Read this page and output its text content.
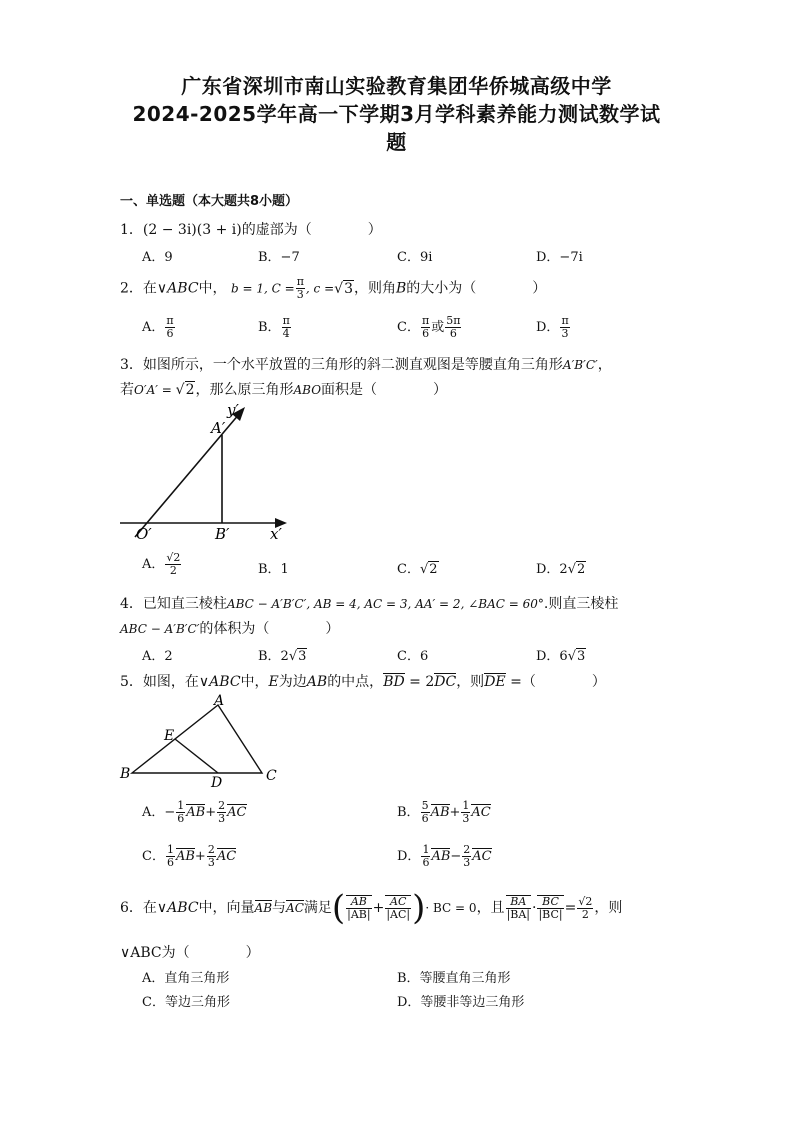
广东省深圳市南山实验教育集团华侨城高级中学
2024-2025学年高一下学期3月学科素养能力测试数学试
题
一、单选题（本大题共8小题）
1．(2 − 3i)(3 + i)的虚部为（　　　　）
A．9	B．−7	C．9i	D．−7i
2．在∨ABC中， b = 1, $C = \frac{\pi}{3}$ , c =√3，则角B的大小为（　　　　）
A． $\frac{\pi}{6}$	B． $\frac{\pi}{4}$	C． $\frac{\pi}{6}$ 或 $\frac{5\pi}{6}$	D． $\frac{\pi}{3}$
3．如图所示，一个水平放置的三角形的斜二测直观图是等腰直角三角形A′B′C′，
若O′A′ = √2，那么原三角形ABO面积是（　　　　）
y′
A′
O′	B′	x′
A． $\frac{√2}{2}$	B．1	C．√2	D．2√2
4．已知直三棱柱ABC − A′B′C′, AB = 4, AC = 3, AA′ = 2, ∠BAC = 60°.则直三棱柱
ABC − A′B′C′的体积为（　　　　）
A．2	B．2√3	C．6	D．6√3
5．如图，在∨ABC中，E为边AB的中点，BD = 2DC，则DE =（　　　　）
A
E
B
D	C
A．− $\frac{1}{6} AB+ \frac{2}{3}$ AC	B． $\frac{5}{6} AB+ \frac{1}{3}$ AC
C． $\frac{1}{6} AB+ \frac{2}{3}$ AC	D． $\frac{1}{6} AB- \frac{2}{3}$ AC
6．在∨ABC中，向量AB与AC满足( $\frac{AB}{|AB|} + \frac{AC}{|AC|}$ )· BC = 0，且 $\frac{BA}{|BA|} \cdot \frac{BC}{|BC|} = \frac{√2}{2}$ ，则
∨ABC为（　　　　）
A．直角三角形	B．等腰直角三角形
C．等边三角形	D．等腰非等边三角形
